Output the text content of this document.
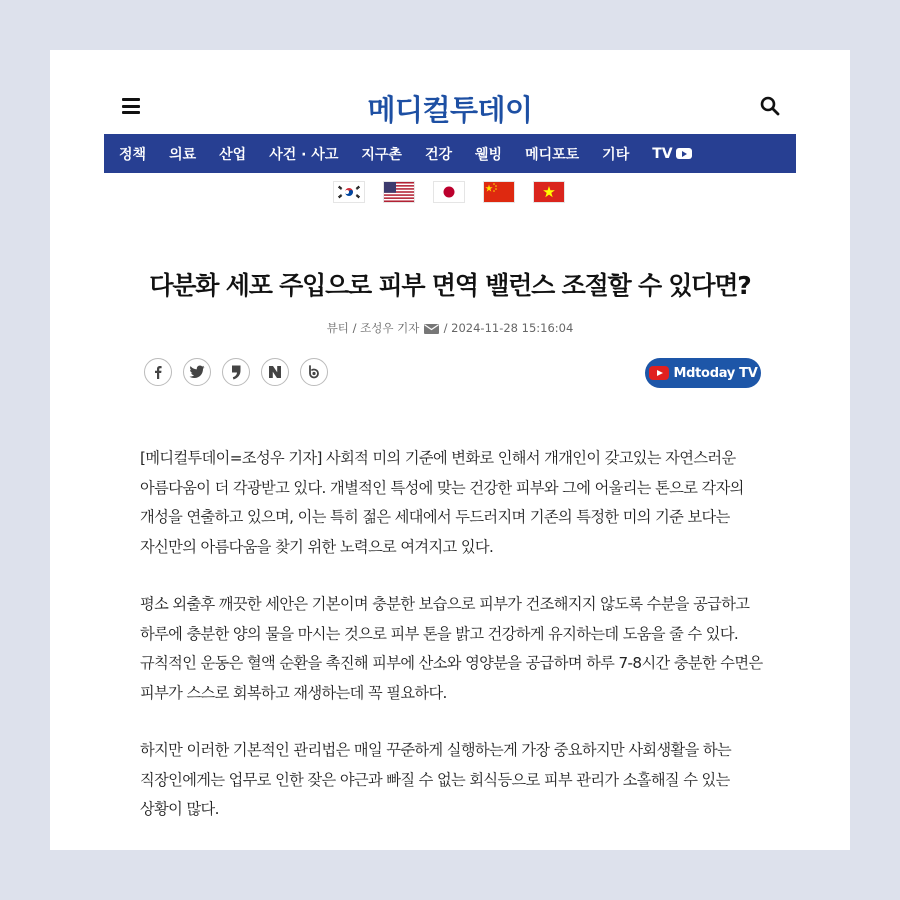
메디컬투데이
정책 의료 산업 사건 · 사고 지구촌 건강 웰빙 메디포토 기타 TV
다분화 세포 주입으로 피부 면역 밸런스 조절할 수 있다면?
뷰티 / 조성우 기자 / 2024-11-28 15:16:04
Mdtoday TV

[메디컬투데이=조성우 기자] 사회적 미의 기준에 변화로 인해서 개개인이 갖고있는 자연스러운 아름다움이 더 각광받고 있다. 개별적인 특성에 맞는 건강한 피부와 그에 어울리는 톤으로 각자의 개성을 연출하고 있으며, 이는 특히 젊은 세대에서 두드러지며 기존의 특정한 미의 기준 보다는 자신만의 아름다움을 찾기 위한 노력으로 여겨지고 있다.

평소 외출후 깨끗한 세안은 기본이며 충분한 보습으로 피부가 건조해지지 않도록 수분을 공급하고 하루에 충분한 양의 물을 마시는 것으로 피부 톤을 밝고 건강하게 유지하는데 도움을 줄 수 있다. 규칙적인 운동은 혈액 순환을 촉진해 피부에 산소와 영양분을 공급하며 하루 7-8시간 충분한 수면은 피부가 스스로 회복하고 재생하는데 꼭 필요하다.

하지만 이러한 기본적인 관리법은 매일 꾸준하게 실행하는게 가장 중요하지만 사회생활을 하는 직장인에게는 업무로 인한 잦은 야근과 빠질 수 없는 회식등으로 피부 관리가 소홀해질 수 있는 상황이 많다.
